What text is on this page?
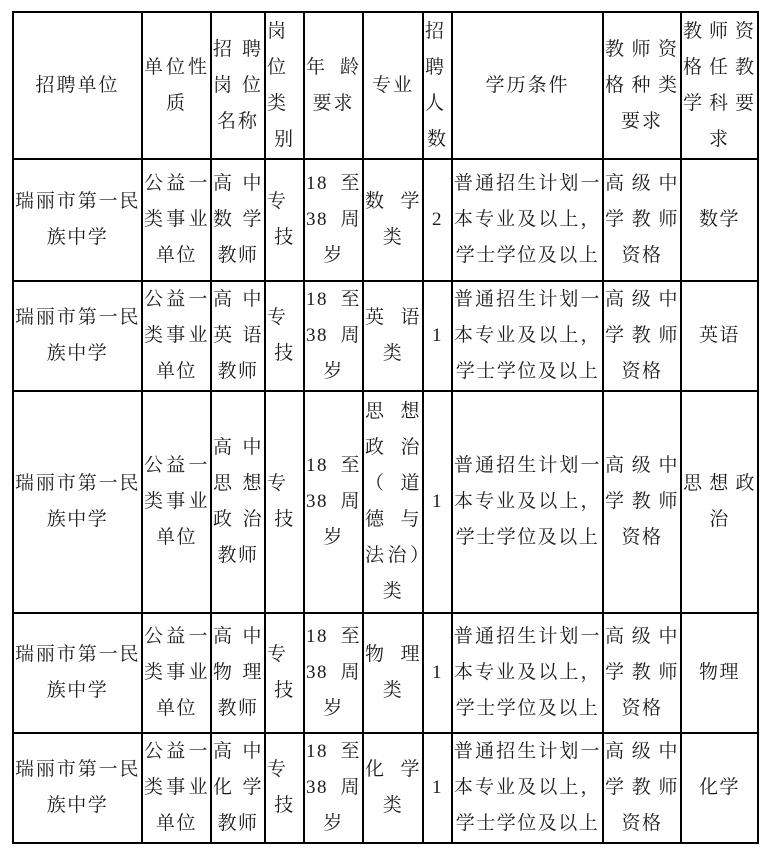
招聘单位	单位性质	招聘岗位名称	岗位类别	年龄要求	专业	招聘人数	学历条件	教师资格种类要求	教师资格任教学科要求
瑞丽市第一民族中学	公益一类事业单位	高中数学教师	专技	18至38周岁	数学类	2	普通招生计划一本专业及以上，学士学位及以上	高级中学教师资格	数学
瑞丽市第一民族中学	公益一类事业单位	高中英语教师	专技	18至38周岁	英语类	1	普通招生计划一本专业及以上，学士学位及以上	高级中学教师资格	英语
瑞丽市第一民族中学	公益一类事业单位	高中思想政治教师	专技	18至38周岁	思想政治（道德与法治）类	1	普通招生计划一本专业及以上，学士学位及以上	高级中学教师资格	思想政治
瑞丽市第一民族中学	公益一类事业单位	高中物理教师	专技	18至38周岁	物理类	1	普通招生计划一本专业及以上，学士学位及以上	高级中学教师资格	物理
瑞丽市第一民族中学	公益一类事业单位	高中化学教师	专技	18至38周岁	化学类	1	普通招生计划一本专业及以上，学士学位及以上	高级中学教师资格	化学
